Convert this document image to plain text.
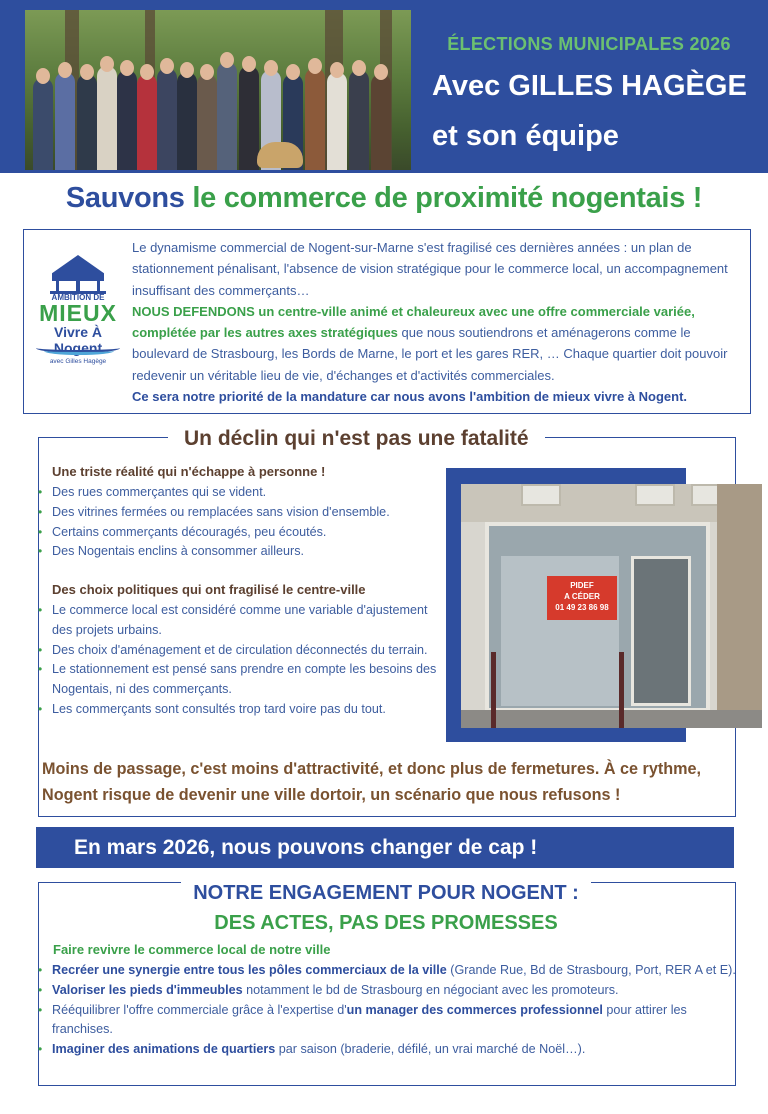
ÉLECTIONS MUNICIPALES 2026
Avec GILLES HAGÈGE
et son équipe
Sauvons le commerce de proximité nogentais !
AMBITION DE
MIEUX
Vivre À Nogent
avec Gilles Hagège

Le dynamisme commercial de Nogent-sur-Marne s'est fragilisé ces dernières années : un plan de stationnement pénalisant, l'absence de vision stratégique pour le commerce local, un accompagnement insuffisant des commerçants…

NOUS DEFENDONS un centre-ville animé et chaleureux avec une offre commerciale variée, complétée par les autres axes stratégiques que nous soutiendrons et aménagerons comme le boulevard de Strasbourg, les Bords de Marne, le port et les gares RER, … Chaque quartier doit pouvoir redevenir un véritable lieu de vie, d'échanges et d'activités commerciales.

Ce sera notre priorité de la mandature car nous avons l'ambition de mieux vivre à Nogent.

Un déclin qui n'est pas une fatalité
Une triste réalité qui n'échappe à personne !
• Des rues commerçantes qui se vident.
• Des vitrines fermées ou remplacées sans vision d'ensemble.
• Certains commerçants découragés, peu écoutés.
• Des Nogentais enclins à consommer ailleurs.
Des choix politiques qui ont fragilisé le centre-ville
• Le commerce local est considéré comme une variable d'ajustement des projets urbains.
• Des choix d'aménagement et de circulation déconnectés du terrain.
• Le stationnement est pensé sans prendre en compte les besoins des Nogentais, ni des commerçants.
• Les commerçants sont consultés trop tard voire pas du tout.
PIDEF
A CÉDER
01 49 23 86 98
Moins de passage, c'est moins d'attractivité, et donc plus de fermetures. À ce rythme, Nogent risque de devenir une ville dortoir, un scénario que nous refusons !
En mars 2026, nous pouvons changer de cap !
NOTRE ENGAGEMENT POUR NOGENT :
DES ACTES, PAS DES PROMESSES
Faire revivre le commerce local de notre ville
• Recréer une synergie entre tous les pôles commerciaux de la ville (Grande Rue, Bd de Strasbourg, Port, RER A et E).
• Valoriser les pieds d'immeubles notamment le bd de Strasbourg en négociant avec les promoteurs.
• Rééquilibrer l'offre commerciale grâce à l'expertise d'un manager des commerces professionnel pour attirer les franchises.
• Imaginer des animations de quartiers par saison (braderie, défilé, un vrai marché de Noël…).
